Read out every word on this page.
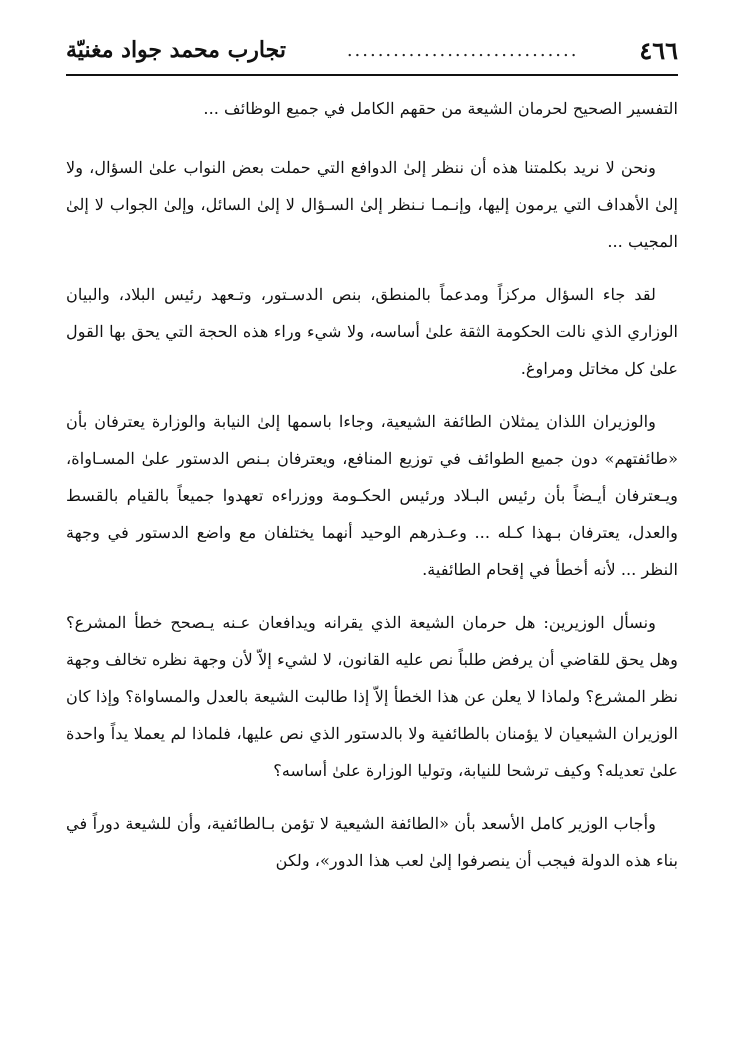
٤٦٦
..............................
تجارب محمد جواد مغنيّة

التفسير الصحيح لحرمان الشيعة من حقهم الكامل في جميع الوظائف ...

ونحن لا نريد بكلمتنا هذه أن ننظر إلىٰ الدوافع التي حملت بعض النواب علىٰ السؤال، ولا إلىٰ الأهداف التي يرمون إليها، وإنـمـا نـنظر إلىٰ السـؤال لا إلىٰ السائل، وإلىٰ الجواب لا إلىٰ المجيب ...

لقد جاء السؤال مركزاً ومدعماً بالمنطق، بنص الدسـتور، وتـعهد رئيس البلاد، والبيان الوزاري الذي نالت الحكومة الثقة علىٰ أساسه، ولا شيء وراء هذه الحجة التي يحق بها القول علىٰ كل مخاتل ومراوغ.

والوزيران اللذان يمثلان الطائفة الشيعية، وجاءا باسمها إلىٰ النيابة والوزارة يعترفان بأن «طائفتهم» دون جميع الطوائف في توزيع المنافع، ويعترفان بـنص الدستور علىٰ المسـاواة، ويـعترفان أيـضاً بأن رئيس البـلاد ورئيس الحكـومة ووزراءه تعهدوا جميعاً بالقيام بالقسط والعدل، يعترفان بـهذا كـله ... وعـذرهم الوحيد أنهما يختلفان مع واضع الدستور في وجهة النظر ... لأنه أخطأ في إقحام الطائفية.

ونسأل الوزيرين: هل حرمان الشيعة الذي يقرانه ويدافعان عـنه يـصحح خطأ المشرع؟ وهل يحق للقاضي أن يرفض طلباً نص عليه القانون، لا لشيء إلاّ لأن وجهة نظره تخالف وجهة نظر المشرع؟ ولماذا لا يعلن عن هذا الخطأ إلاّ إذا طالبت الشيعة بالعدل والمساواة؟ وإذا كان الوزيران الشيعيان لا يؤمنان بالطائفية ولا بالدستور الذي نص عليها، فلماذا لم يعملا يداً واحدة علىٰ تعديله؟ وكيف ترشحا للنيابة، وتوليا الوزارة علىٰ أساسه؟

وأجاب الوزير كامل الأسعد بأن «الطائفة الشيعية لا تؤمن بـالطائفية، وأن للشيعة دوراً في بناء هذه الدولة فيجب أن ينصرفوا إلىٰ لعب هذا الدور»، ولكن
